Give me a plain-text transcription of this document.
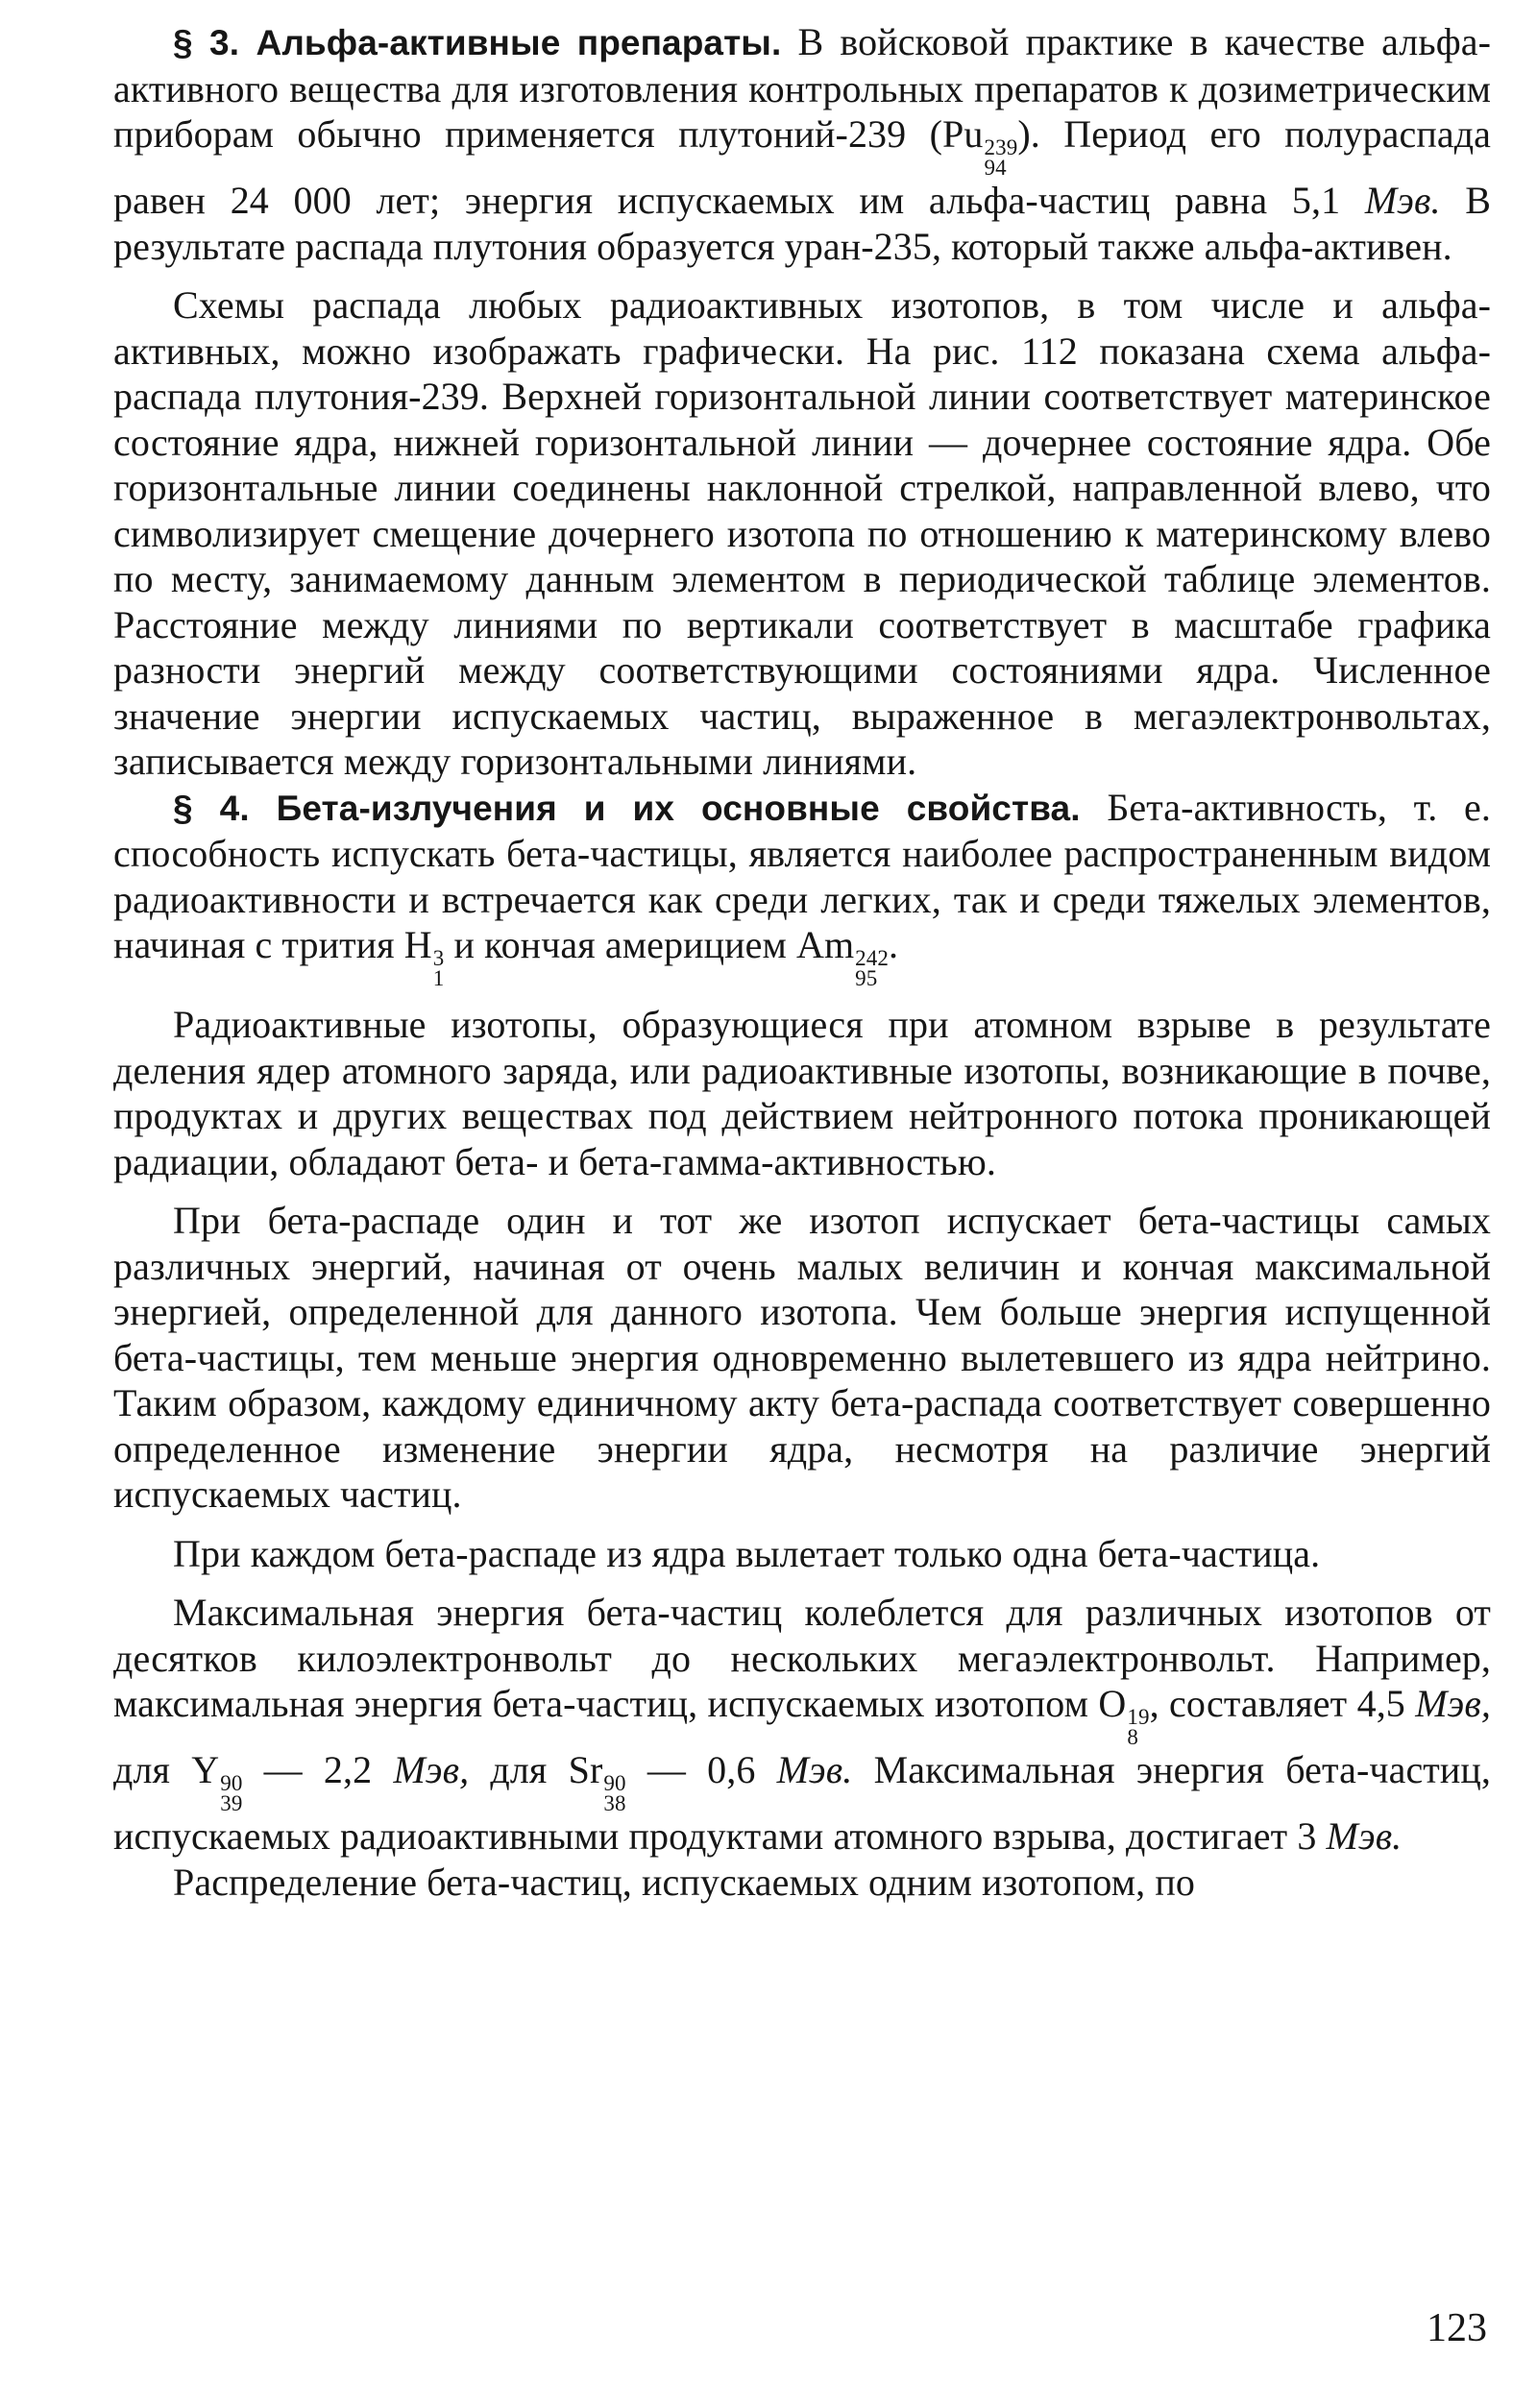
§ 3. Альфа-активные препараты. В войсковой практике в качестве альфа-активного вещества для изготовления контрольных препаратов к дозиметрическим приборам обычно применяется плутоний-239 (Pu 239
94
). Период его полураспада равен 24 000 лет; энергия испускаемых им альфа-частиц равна 5,1 Мэв. В результате распада плутония образуется уран-235, который также альфа-активен.

Схемы распада любых радиоактивных изотопов, в том числе и альфа-активных, можно изображать графически. На рис. 112 показана схема альфа-распада плутония-239. Верхней горизонтальной линии соответствует материнское состояние ядра, нижней горизонтальной линии — дочернее состояние ядра. Обе горизонтальные линии соединены наклонной стрелкой, направленной влево, что символизирует смещение дочернего изотопа по отношению к материнскому влево по месту, занимаемому данным элементом в периодической таблице элементов. Расстояние между линиями по вертикали соответствует в масштабе графика разности энергий между соответствующими состояниями ядра. Численное значение энергии испускаемых частиц, выраженное в мегаэлектронвольтах, записывается между горизонтальными линиями.

§ 4. Бета-излучения и их основные свойства. Бета-активность, т. е. способность испускать бета-частицы, является наиболее распространенным видом радиоактивности и встречается как среди легких, так и среди тяжелых элементов, начиная с трития H 3
1
и кончая америцием Am 242
95
.

Радиоактивные изотопы, образующиеся при атомном взрыве в результате деления ядер атомного заряда, или радиоактивные изотопы, возникающие в почве, продуктах и других веществах под действием нейтронного потока проникающей радиации, обладают бета- и бета-гамма-активностью.

При бета-распаде один и тот же изотоп испускает бета-частицы самых различных энергий, начиная от очень малых величин и кончая максимальной энергией, определенной для данного изотопа. Чем больше энергия испущенной бета-частицы, тем меньше энергия одновременно вылетевшего из ядра нейтрино. Таким образом, каждому единичному акту бета-распада соответствует совершенно определенное изменение энергии ядра, несмотря на различие энергий испускаемых частиц.

При каждом бета-распаде из ядра вылетает только одна бета-частица.

Максимальная энергия бета-частиц колеблется для различных изотопов от десятков килоэлектронвольт до нескольких мегаэлектронвольт. Например, максимальная энергия бета-частиц, испускаемых изотопом O 19
8
, составляет 4,5 Мэв, для Y 90
39
— 2,2 Мэв, для Sr 90
38
— 0,6 Мэв. Максимальная энергия бета-частиц, испускаемых радиоактивными продуктами атомного взрыва, достигает 3 Мэв.

Распределение бета-частиц, испускаемых одним изотопом, по

123
